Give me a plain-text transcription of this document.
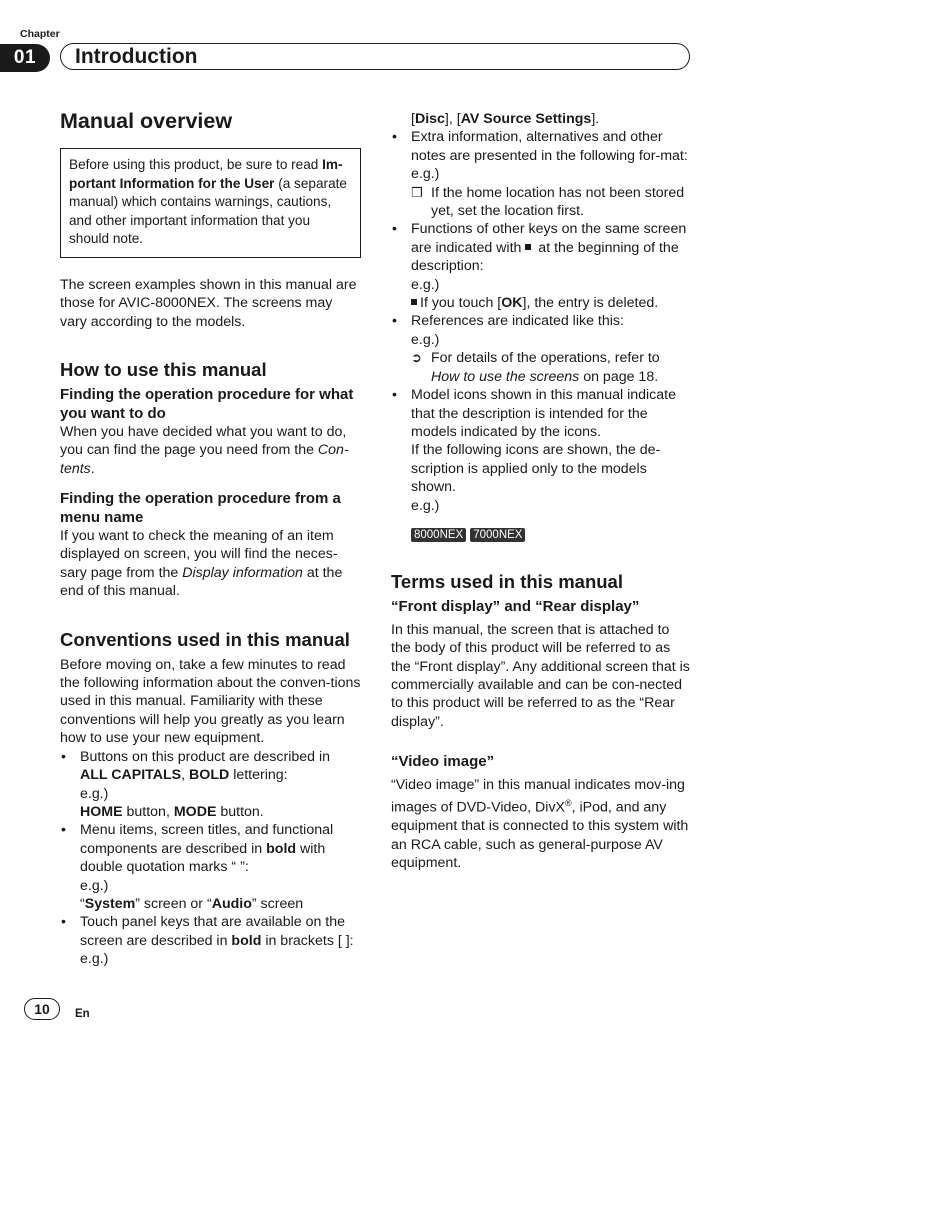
Chapter
01	Introduction
Manual overview
Before using this product, be sure to read Im-portant Information for the User (a separate manual) which contains warnings, cautions, and other important information that you should note.

The screen examples shown in this manual are those for AVIC-8000NEX. The screens may vary according to the models.

How to use this manual
Finding the operation procedure for what you want to do

When you have decided what you want to do, you can find the page you need from the Con-tents.

Finding the operation procedure from a menu name

If you want to check the meaning of an item displayed on screen, you will find the neces-sary page from the Display information at the end of this manual.

Conventions used in this manual

Before moving on, take a few minutes to read the following information about the conven-tions used in this manual. Familiarity with these conventions will help you greatly as you learn how to use your new equipment.

• Buttons on this product are described in ALL CAPITALS, BOLD lettering:
e.g.)
HOME button, MODE button.
• Menu items, screen titles, and functional components are described in bold with double quotation marks “ ”:
e.g.)
“System” screen or “Audio” screen
• Touch panel keys that are available on the screen are described in bold in brackets [ ]:
e.g.)

[Disc], [AV Source Settings].

• Extra information, alternatives and other notes are presented in the following for-mat:
e.g.)
❒ If the home location has not been stored yet, set the location first.
• Functions of other keys on the same screen are indicated with  at the beginning of the description:
e.g.)
If you touch [OK], the entry is deleted.
• References are indicated like this:
e.g.)
➲ For details of the operations, refer to How to use the screens on page 18.
• Model icons shown in this manual indicate that the description is intended for the models indicated by the icons.
If the following icons are shown, the de-scription is applied only to the models shown.
e.g.)
8000NEX 7000NEX
Terms used in this manual
“Front display” and “Rear display”

In this manual, the screen that is attached to the body of this product will be referred to as the “Front display”. Any additional screen that is commercially available and can be con-nected to this product will be referred to as the “Rear display”.

“Video image”

“Video image” in this manual indicates mov-ing images of DVD-Video, DivX®, iPod, and any equipment that is connected to this system with an RCA cable, such as general-purpose AV equipment.

10	En
